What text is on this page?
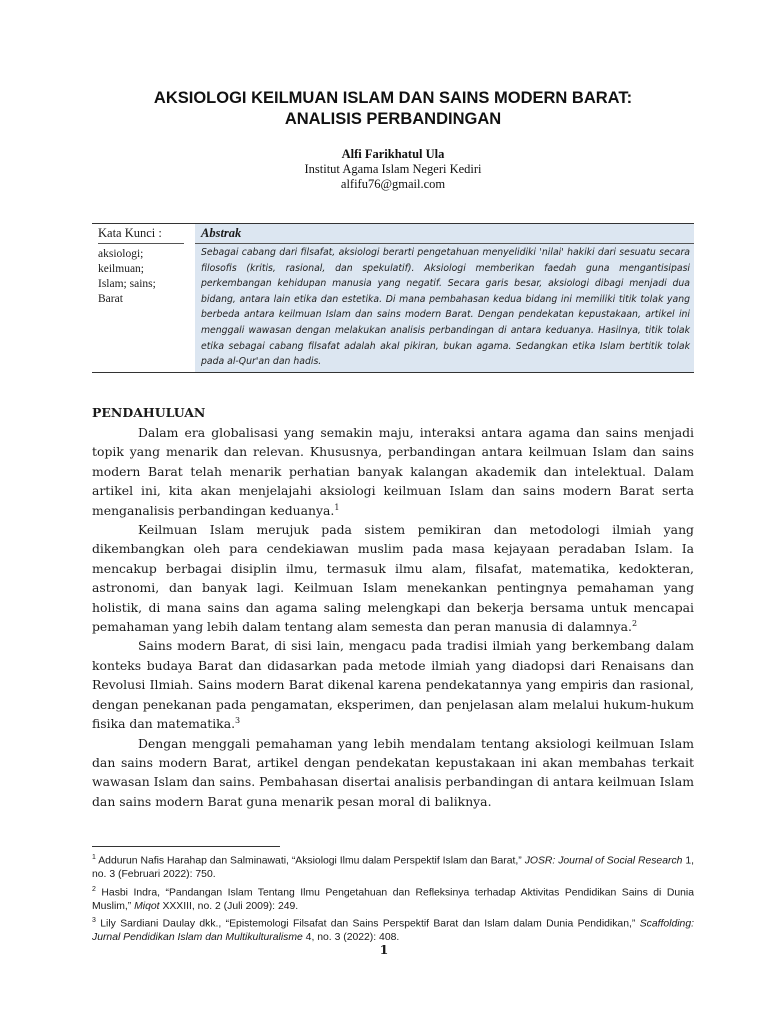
AKSIOLOGI KEILMUAN ISLAM DAN SAINS MODERN BARAT:
ANALISIS PERBANDINGAN
Alfi Farikhatul Ula
Institut Agama Islam Negeri Kediri
alfifu76@gmail.com
Kata Kunci :
aksiologi;
keilmuan;
Islam; sains;
Barat
Abstrak
Sebagai cabang dari filsafat, aksiologi berarti pengetahuan menyelidiki 'nilai' hakiki dari sesuatu secara filosofis (kritis, rasional, dan spekulatif). Aksiologi memberikan faedah guna mengantisipasi perkembangan kehidupan manusia yang negatif. Secara garis besar, aksiologi dibagi menjadi dua bidang, antara lain etika dan estetika. Di mana pembahasan kedua bidang ini memiliki titik tolak yang berbeda antara keilmuan Islam dan sains modern Barat. Dengan pendekatan kepustakaan, artikel ini menggali wawasan dengan melakukan analisis perbandingan di antara keduanya. Hasilnya, titik tolak etika sebagai cabang filsafat adalah akal pikiran, bukan agama. Sedangkan etika Islam bertitik tolak pada al-Qur'an dan hadis.
PENDAHULUAN

Dalam era globalisasi yang semakin maju, interaksi antara agama dan sains menjadi topik yang menarik dan relevan. Khususnya, perbandingan antara keilmuan Islam dan sains modern Barat telah menarik perhatian banyak kalangan akademik dan intelektual. Dalam artikel ini, kita akan menjelajahi aksiologi keilmuan Islam dan sains modern Barat serta menganalisis perbandingan keduanya.$^1$

Keilmuan Islam merujuk pada sistem pemikiran dan metodologi ilmiah yang dikembangkan oleh para cendekiawan muslim pada masa kejayaan peradaban Islam. Ia mencakup berbagai disiplin ilmu, termasuk ilmu alam, filsafat, matematika, kedokteran, astronomi, dan banyak lagi. Keilmuan Islam menekankan pentingnya pemahaman yang holistik, di mana sains dan agama saling melengkapi dan bekerja bersama untuk mencapai pemahaman yang lebih dalam tentang alam semesta dan peran manusia di dalamnya.$^2$

Sains modern Barat, di sisi lain, mengacu pada tradisi ilmiah yang berkembang dalam konteks budaya Barat dan didasarkan pada metode ilmiah yang diadopsi dari Renaisans dan Revolusi Ilmiah. Sains modern Barat dikenal karena pendekatannya yang empiris dan rasional, dengan penekanan pada pengamatan, eksperimen, dan penjelasan alam melalui hukum-hukum fisika dan matematika.$^3$

Dengan menggali pemahaman yang lebih mendalam tentang aksiologi keilmuan Islam dan sains modern Barat, artikel dengan pendekatan kepustakaan ini akan membahas terkait wawasan Islam dan sains. Pembahasan disertai analisis perbandingan di antara keilmuan Islam dan sains modern Barat guna menarik pesan moral di baliknya.

$^1$ Addurun Nafis Harahap dan Salminawati, “Aksiologi Ilmu dalam Perspektif Islam dan Barat,” JOSR: Journal of Social Research 1, no. 3 (Februari 2022): 750.
$^2$ Hasbi Indra, “Pandangan Islam Tentang Ilmu Pengetahuan dan Refleksinya terhadap Aktivitas Pendidikan Sains di Dunia Muslim,” Miqot XXXIII, no. 2 (Juli 2009): 249.
$^3$ Lily Sardiani Daulay dkk., “Epistemologi Filsafat dan Sains Perspektif Barat dan Islam dalam Dunia Pendidikan,” Scaffolding: Jurnal Pendidikan Islam dan Multikulturalisme 4, no. 3 (2022): 408.
1
